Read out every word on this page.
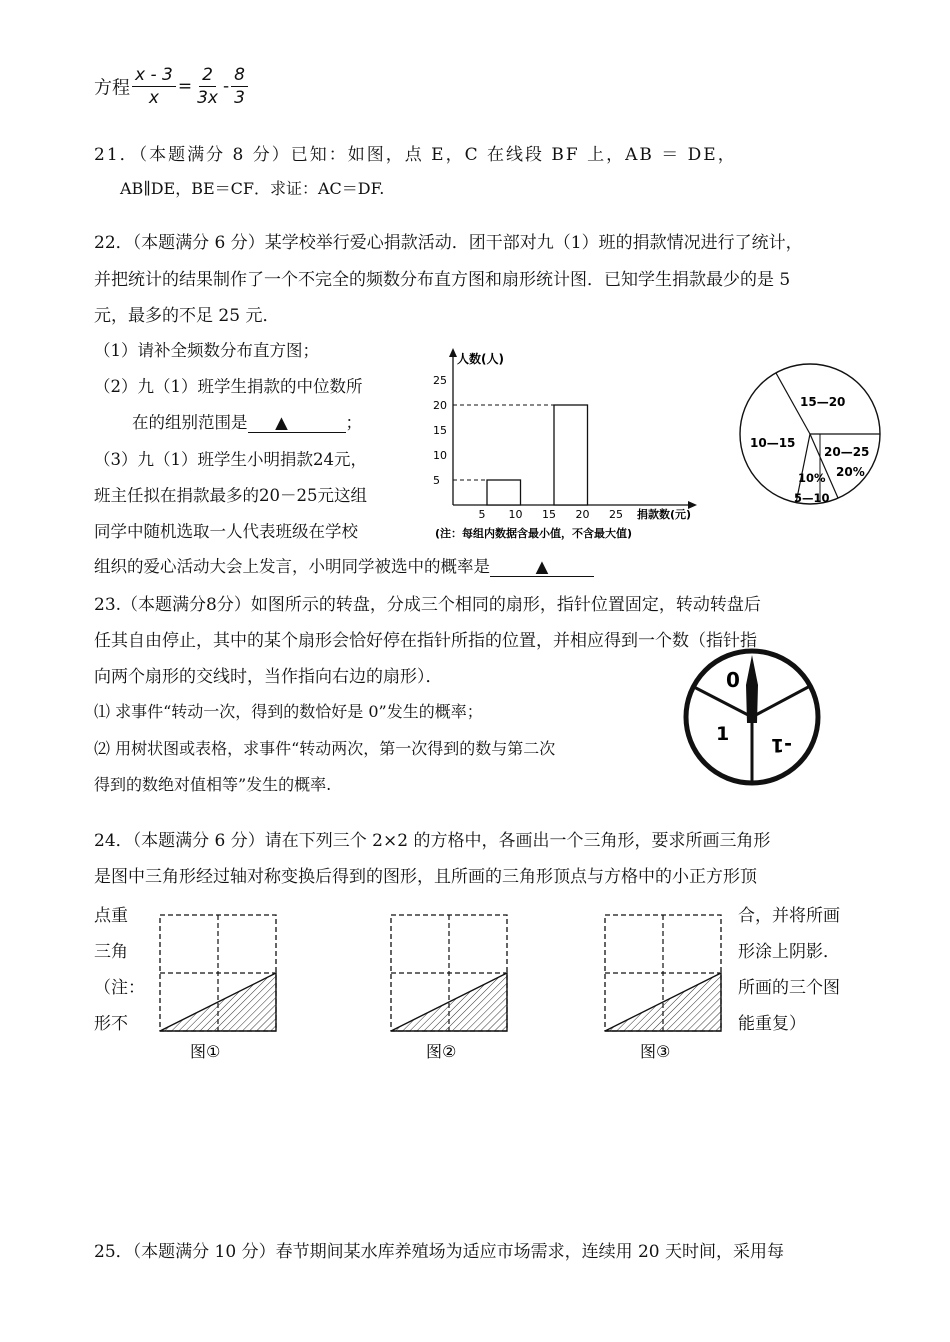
方程 $\frac{x - 3}{x} = \frac{2}{3x} - \frac{8}{3}$
21．（本题满分 8 分）已知：如图，点 E，C 在线段 BF 上，AB ＝ DE，
AB∥DE，BE＝CF．求证：AC＝DF.
22．（本题满分 6 分）某学校举行爱心捐款活动．团干部对九（1）班的捐款情况进行了统计，
并把统计的结果制作了一个不完全的频数分布直方图和扇形统计图．已知学生捐款最少的是 5
元，最多的不足 25 元．
（1）请补全频数分布直方图；
（2）九（1）班学生捐款的中位数所
在的组别范围是 ▲	；
（3）九（1）班学生小明捐款24元，
班主任拟在捐款最多的20－25元这组
同学中随机选取一人代表班级在学校
组织的爱心活动大会上发言，小明同学被选中的概率是	▲
人数(人)
捐款数(元)
25
20
15
10
5
5 10 15 20 25
(注：每组内数据含最小值，不含最大值)
15—20
10—15
20—25
10%
5—10
20%
23.（本题满分8分）如图所示的转盘，分成三个相同的扇形，指针位置固定，转动转盘后
任其自由停止，其中的某个扇形会恰好停在指针所指的位置，并相应得到一个数（指针指
向两个扇形的交线时，当作指向右边的扇形）．
⑴ 求事件“转动一次，得到的数恰好是 0”发生的概率；
⑵ 用树状图或表格，求事件“转动两次，第一次得到的数与第二次
得到的数绝对值相等”发生的概率.
0
1 -1
24．（本题满分 6 分）请在下列三个 2×2 的方格中，各画出一个三角形，要求所画三角形
是图中三角形经过轴对称变换后得到的图形，且所画的三角形顶点与方格中的小正方形顶
点重
三角
（注：
形不
合，并将所画
形涂上阴影．
所画的三个图
能重复）
图①	图②	图③
25．（本题满分 10 分）春节期间某水库养殖场为适应市场需求，连续用 20 天时间，采用每
